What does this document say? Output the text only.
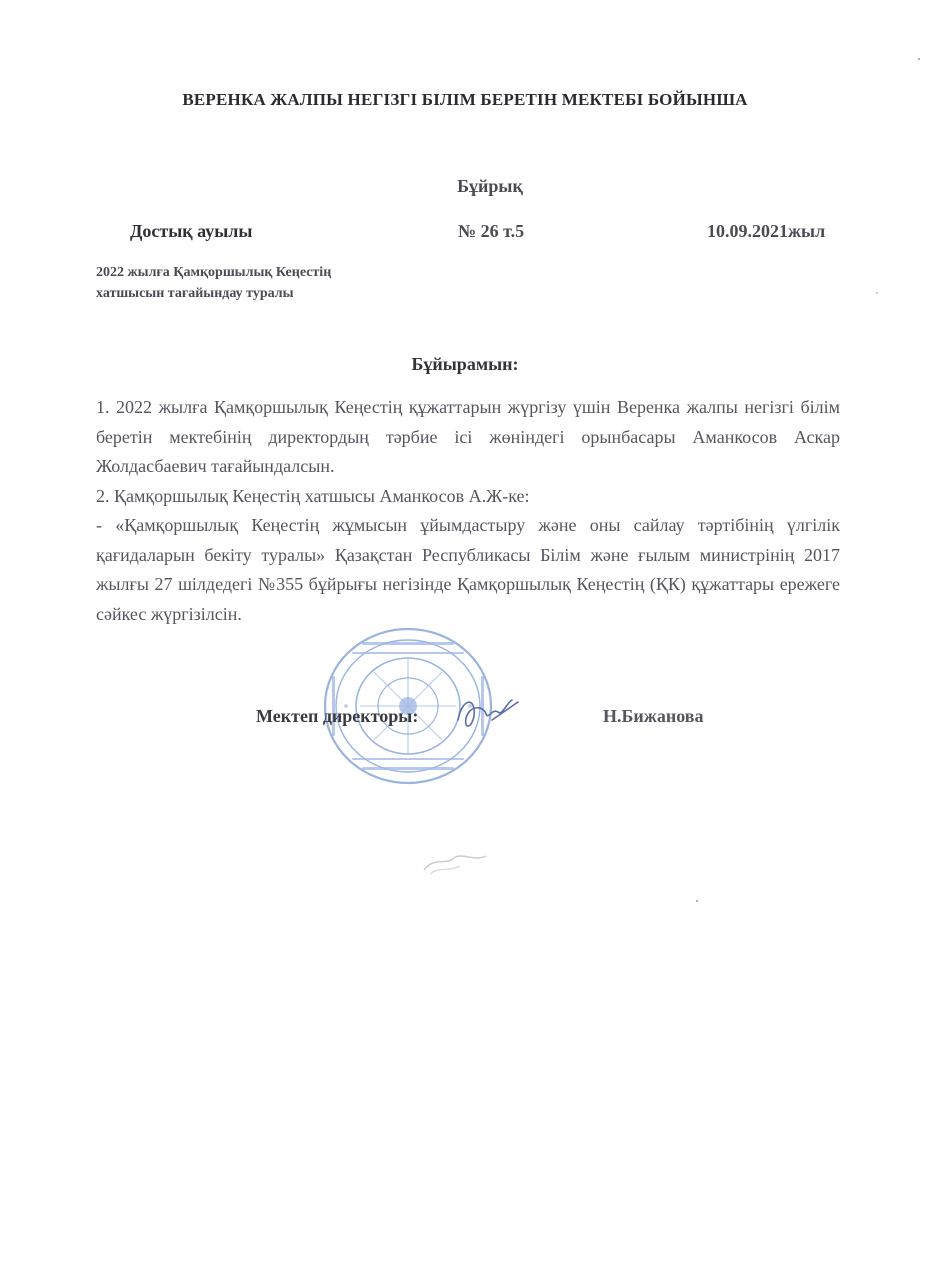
ВЕРЕНКА ЖАЛПЫ НЕГІЗГІ БІЛІМ БЕРЕТІН МЕКТЕБІ БОЙЫНША
Бұйрық
Достық ауылы	№ 26 т.5	10.09.2021жыл
2022 жылға Қамқоршылық Кеңестің
хатшысын тағайындау туралы
Бұйырамын:

1. 2022 жылға Қамқоршылық Кеңестің құжаттарын жүргізу үшін Веренка жалпы негізгі білім беретін мектебінің директордың тәрбие ісі жөніндегі орынбасары Аманкосов Аскар Жолдасбаевич тағайындалсын.

2. Қамқоршылық Кеңестің хатшысы Аманкосов А.Ж-ке:

- «Қамқоршылық Кеңестің жұмысын ұйымдастыру және оны сайлау тәртібінің үлгілік қағидаларын бекіту туралы» Қазақстан Республикасы Білім және ғылым министрінің 2017 жылғы 27 шілдедегі №355 бұйрығы негізінде Қамқоршылық Кеңестің (ҚК) құжаттары ережеге сәйкес жүргізілсін.

Мектеп директоры:	Н.Бижанова
